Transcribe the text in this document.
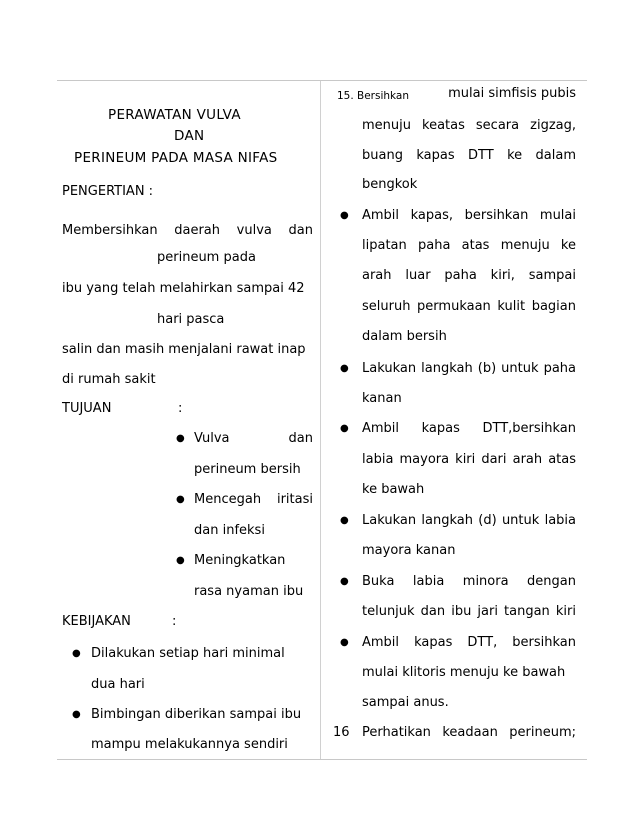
PERAWATAN VULVA
DAN
PERINEUM PADA MASA NIFAS
PENGERTIAN :
Membersihkan daerah vulva dan
perineum pada
ibu yang telah melahirkan sampai 42
hari pasca
salin dan masih menjalani rawat inap
di rumah sakit
TUJUAN	:
● Vulva	dan
perineum bersih
● Mencegah iritasi
dan infeksi
● Meningkatkan
rasa nyaman ibu
KEBIJAKAN	:
● Dilakukan setiap hari minimal
dua hari
● Bimbingan diberikan sampai ibu
mampu melakukannya sendiri
15. Bersihkan	mulai simfisis pubis
menuju keatas secara zigzag,
buang kapas DTT ke dalam
bengkok
● Ambil kapas, bersihkan mulai
lipatan paha atas menuju ke
arah luar paha kiri, sampai
seluruh permukaan kulit bagian
dalam bersih
● Lakukan langkah (b) untuk paha
kanan
● Ambil kapas DTT,bersihkan
labia mayora kiri dari arah atas
ke bawah
● Lakukan langkah (d) untuk labia
mayora kanan
● Buka labia minora dengan
telunjuk dan ibu jari tangan kiri
● Ambil kapas DTT, bersihkan
mulai klitoris menuju ke bawah
sampai anus.
16 Perhatikan keadaan perineum;
